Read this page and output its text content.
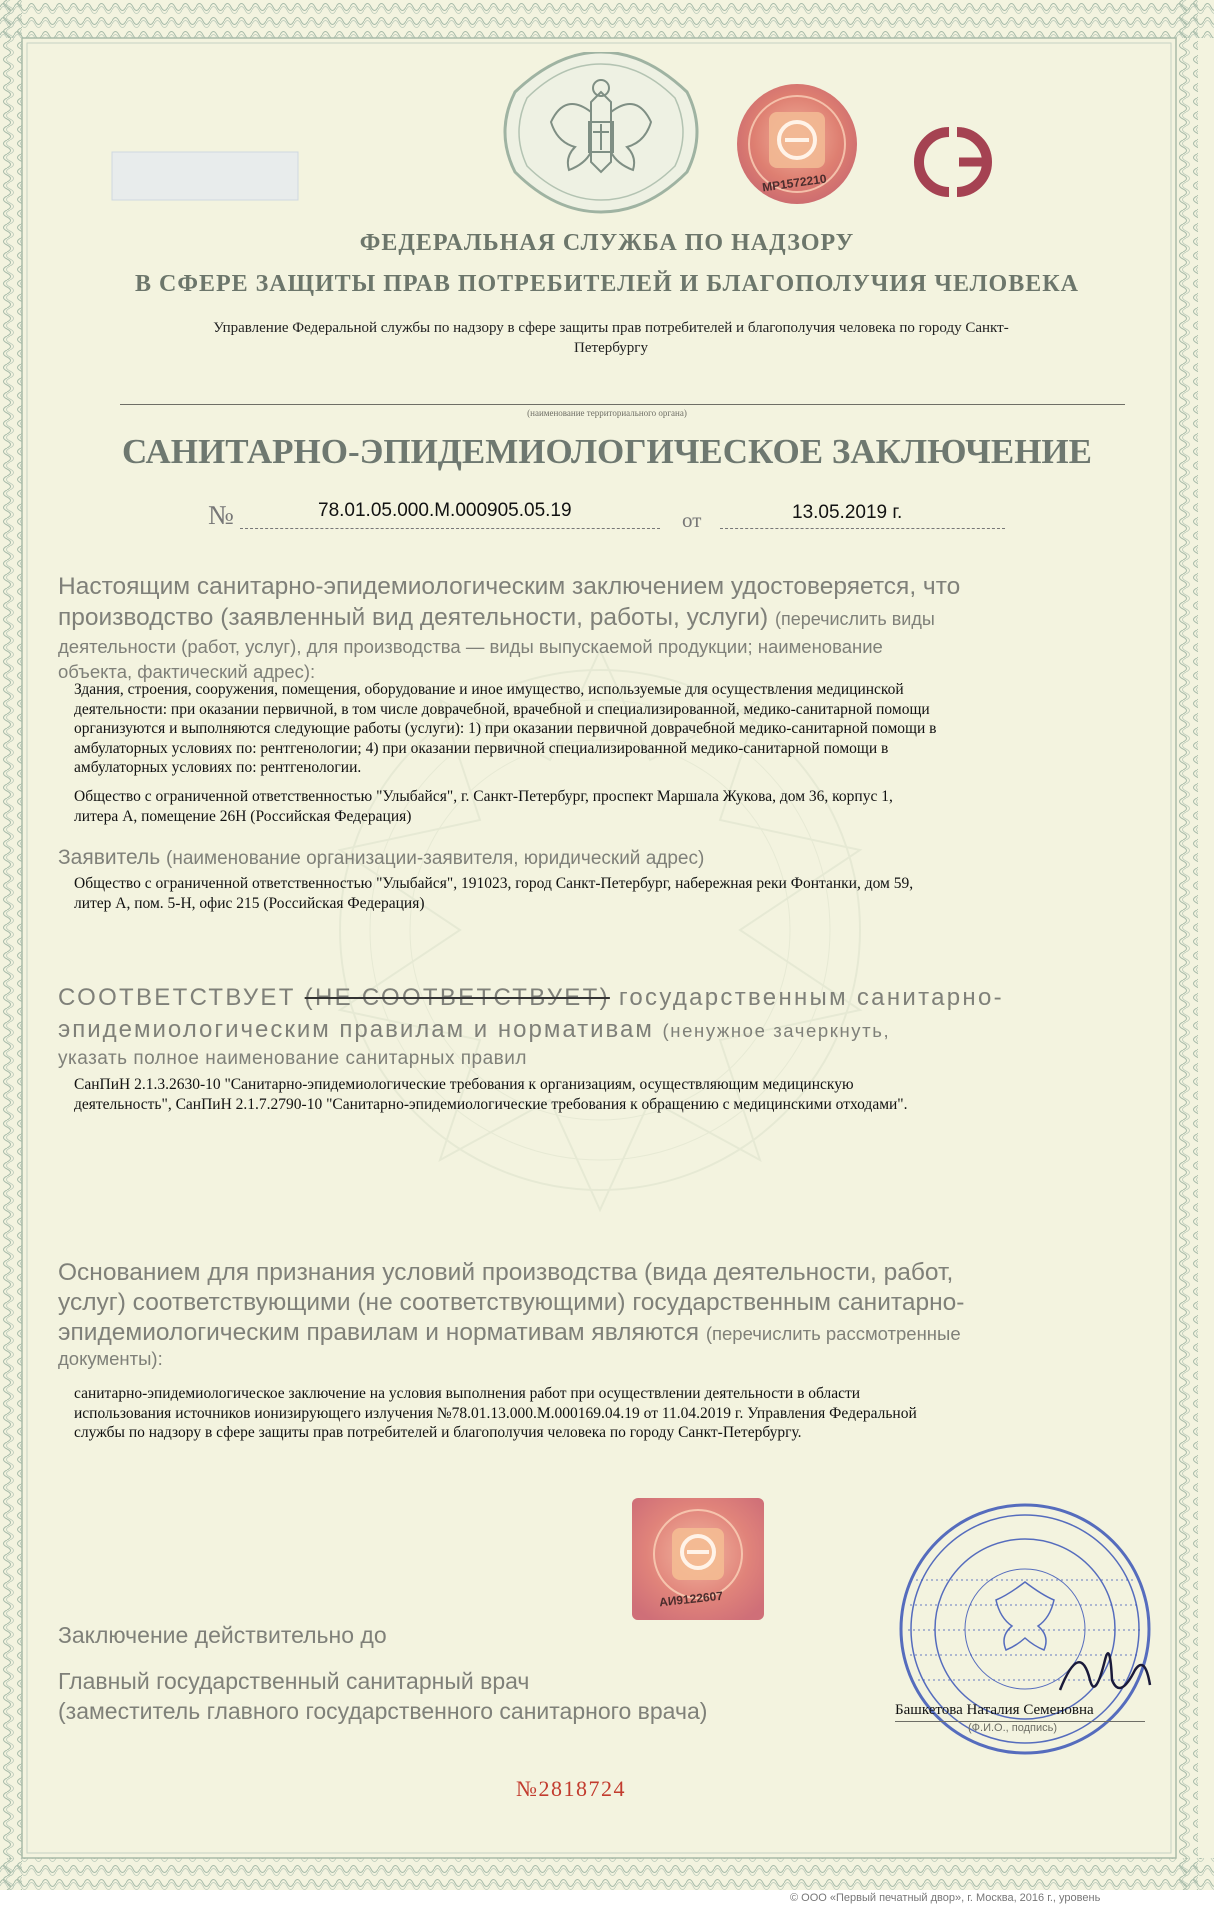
МР1572210
ФЕДЕРАЛЬНАЯ СЛУЖБА ПО НАДЗОРУ
В СФЕРЕ ЗАЩИТЫ ПРАВ ПОТРЕБИТЕЛЕЙ И БЛАГОПОЛУЧИЯ ЧЕЛОВЕКА
Управление Федеральной службы по надзору в сфере защиты прав потребителей и благополучия человека по городу Санкт-
Петербургу
(наименование территориального органа)
САНИТАРНО-ЭПИДЕМИОЛОГИЧЕСКОЕ ЗАКЛЮЧЕНИЕ
№	78.01.05.000.М.000905.05.19	от	13.05.2019 г.
Настоящим санитарно-эпидемиологическим заключением удостоверяется, что
производство (заявленный вид деятельности, работы, услуги) (перечислить виды
деятельности (работ, услуг), для производства — виды выпускаемой продукции; наименование
объекта, фактический адрес):
Здания, строения, сооружения, помещения, оборудование и иное имущество, используемые для осуществления медицинской
деятельности: при оказании первичной, в том числе доврачебной, врачебной и специализированной, медико-санитарной помощи
организуются и выполняются следующие работы (услуги): 1) при оказании первичной доврачебной медико-санитарной помощи в
амбулаторных условиях по: рентгенологии; 4) при оказании первичной специализированной медико-санитарной помощи в
амбулаторных условиях по: рентгенологии.
Общество с ограниченной ответственностью "Улыбайся", г. Санкт-Петербург, проспект Маршала Жукова, дом 36, корпус 1,
литера А, помещение 26Н (Российская Федерация)
Заявитель (наименование организации-заявителя, юридический адрес)
Общество с ограниченной ответственностью "Улыбайся", 191023, город Санкт-Петербург, набережная реки Фонтанки, дом 59,
литер А, пом. 5-Н, офис 215 (Российская Федерация)
СООТВЕТСТВУЕТ (НЕ СООТВЕТСТВУЕТ) государственным санитарно-
эпидемиологическим правилам и нормативам (ненужное зачеркнуть,
указать полное наименование санитарных правил
СанПиН 2.1.3.2630-10 "Санитарно-эпидемиологические требования к организациям, осуществляющим медицинскую
деятельность", СанПиН 2.1.7.2790-10 "Санитарно-эпидемиологические требования к обращению с медицинскими отходами".
Основанием для признания условий производства (вида деятельности, работ,
услуг) соответствующими (не соответствующими) государственным санитарно-
эпидемиологическим правилам и нормативам являются (перечислить рассмотренные
документы):
санитарно-эпидемиологическое заключение на условия выполнения работ при осуществлении деятельности в области
использования источников ионизирующего излучения №78.01.13.000.М.000169.04.19 от 11.04.2019 г. Управления Федеральной
службы по надзору в сфере защиты прав потребителей и благополучия человека по городу Санкт-Петербургу.
АИ9122607
Заключение действительно до
Главный государственный санитарный врач
(заместитель главного государственного санитарного врача)	Башкетова Наталия Семеновна
(Ф.И.О., подпись)
№2818724
© ООО «Первый печатный двор», г. Москва, 2016 г., уровень
